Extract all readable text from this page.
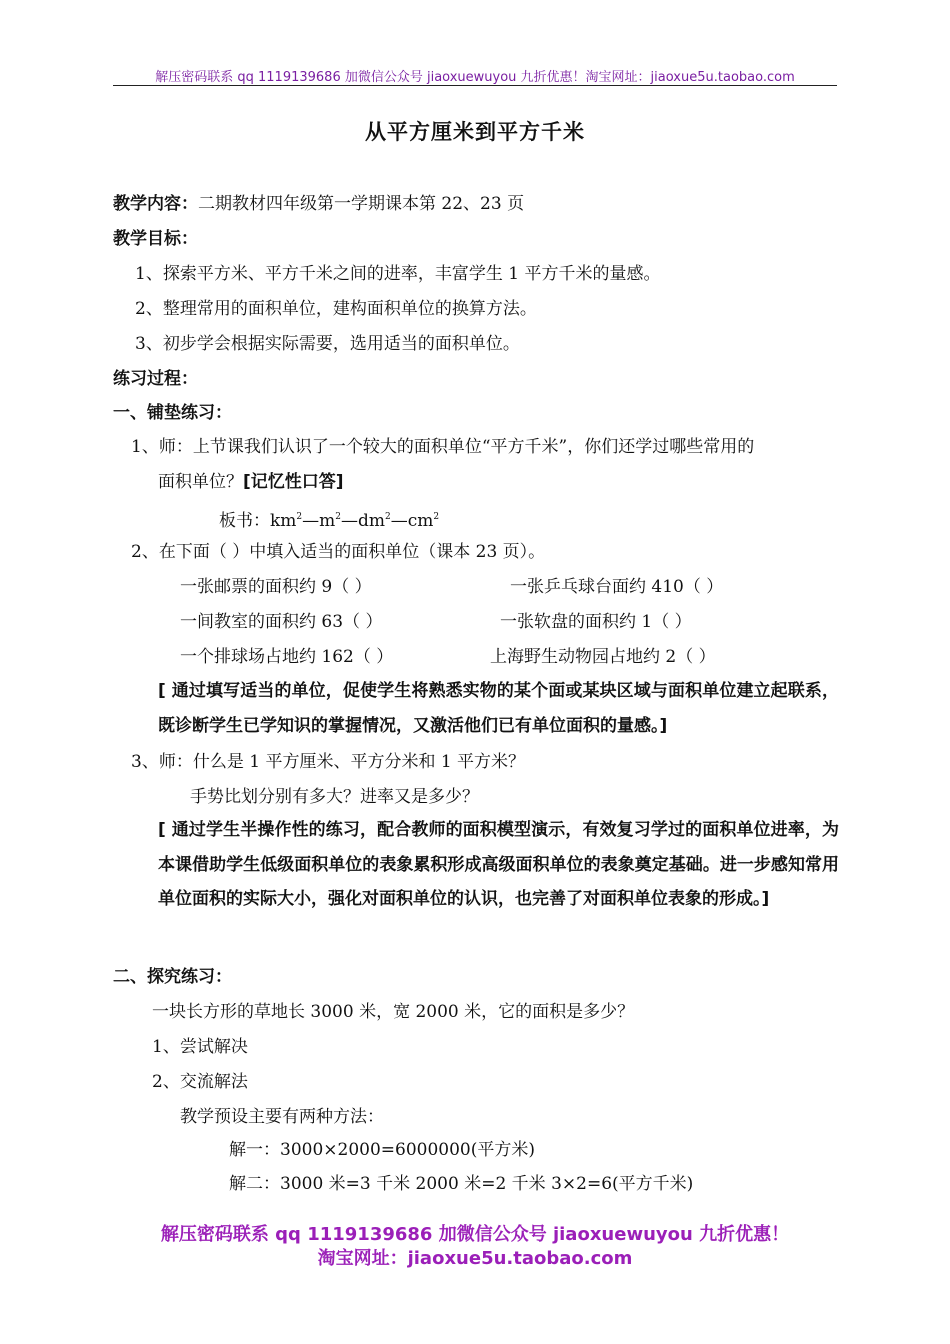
解压密码联系 qq 1119139686 加微信公众号 jiaoxuewuyou 九折优惠！淘宝网址：jiaoxue5u.taobao.com
从平方厘米到平方千米
教学内容：二期教材四年级第一学期课本第 22、23 页
教学目标：
1、探索平方米、平方千米之间的进率，丰富学生 1 平方千米的量感。
2、整理常用的面积单位，建构面积单位的换算方法。
3、初步学会根据实际需要，选用适当的面积单位。
练习过程：
一、铺垫练习：
1、师：上节课我们认识了一个较大的面积单位“平方千米”，你们还学过哪些常用的
面积单位？[记忆性口答]
板书：$km^2—m^2—dm^2—cm^2$
2、在下面（ ）中填入适当的面积单位（课本 23 页）。
一张邮票的面积约 9（ ）	一张乒乓球台面约 410（ ）
一间教室的面积约 63（ ）	一张软盘的面积约 1（ ）
一个排球场占地约 162（ ）	上海野生动物园占地约 2（ ）
[ 通过填写适当的单位，促使学生将熟悉实物的某个面或某块区域与面积单位建立起联系，既诊断学生已学知识的掌握情况，又激活他们已有单位面积的量感。]
3、师：什么是 1 平方厘米、平方分米和 1 平方米？
手势比划分别有多大？进率又是多少？
[ 通过学生半操作性的练习，配合教师的面积模型演示，有效复习学过的面积单位进率，为本课借助学生低级面积单位的表象累积形成高级面积单位的表象奠定基础。进一步感知常用单位面积的实际大小，强化对面积单位的认识，也完善了对面积单位表象的形成。]
二、探究练习：
一块长方形的草地长 3000 米，宽 2000 米，它的面积是多少？
1、尝试解决
2、交流解法
教学预设主要有两种方法：
解一：3000×2000=6000000(平方米)
解二：3000 米=3 千米 2000 米=2 千米 3×2=6(平方千米)
解压密码联系 qq 1119139686 加微信公众号 jiaoxuewuyou 九折优惠！
淘宝网址：jiaoxue5u.taobao.com
